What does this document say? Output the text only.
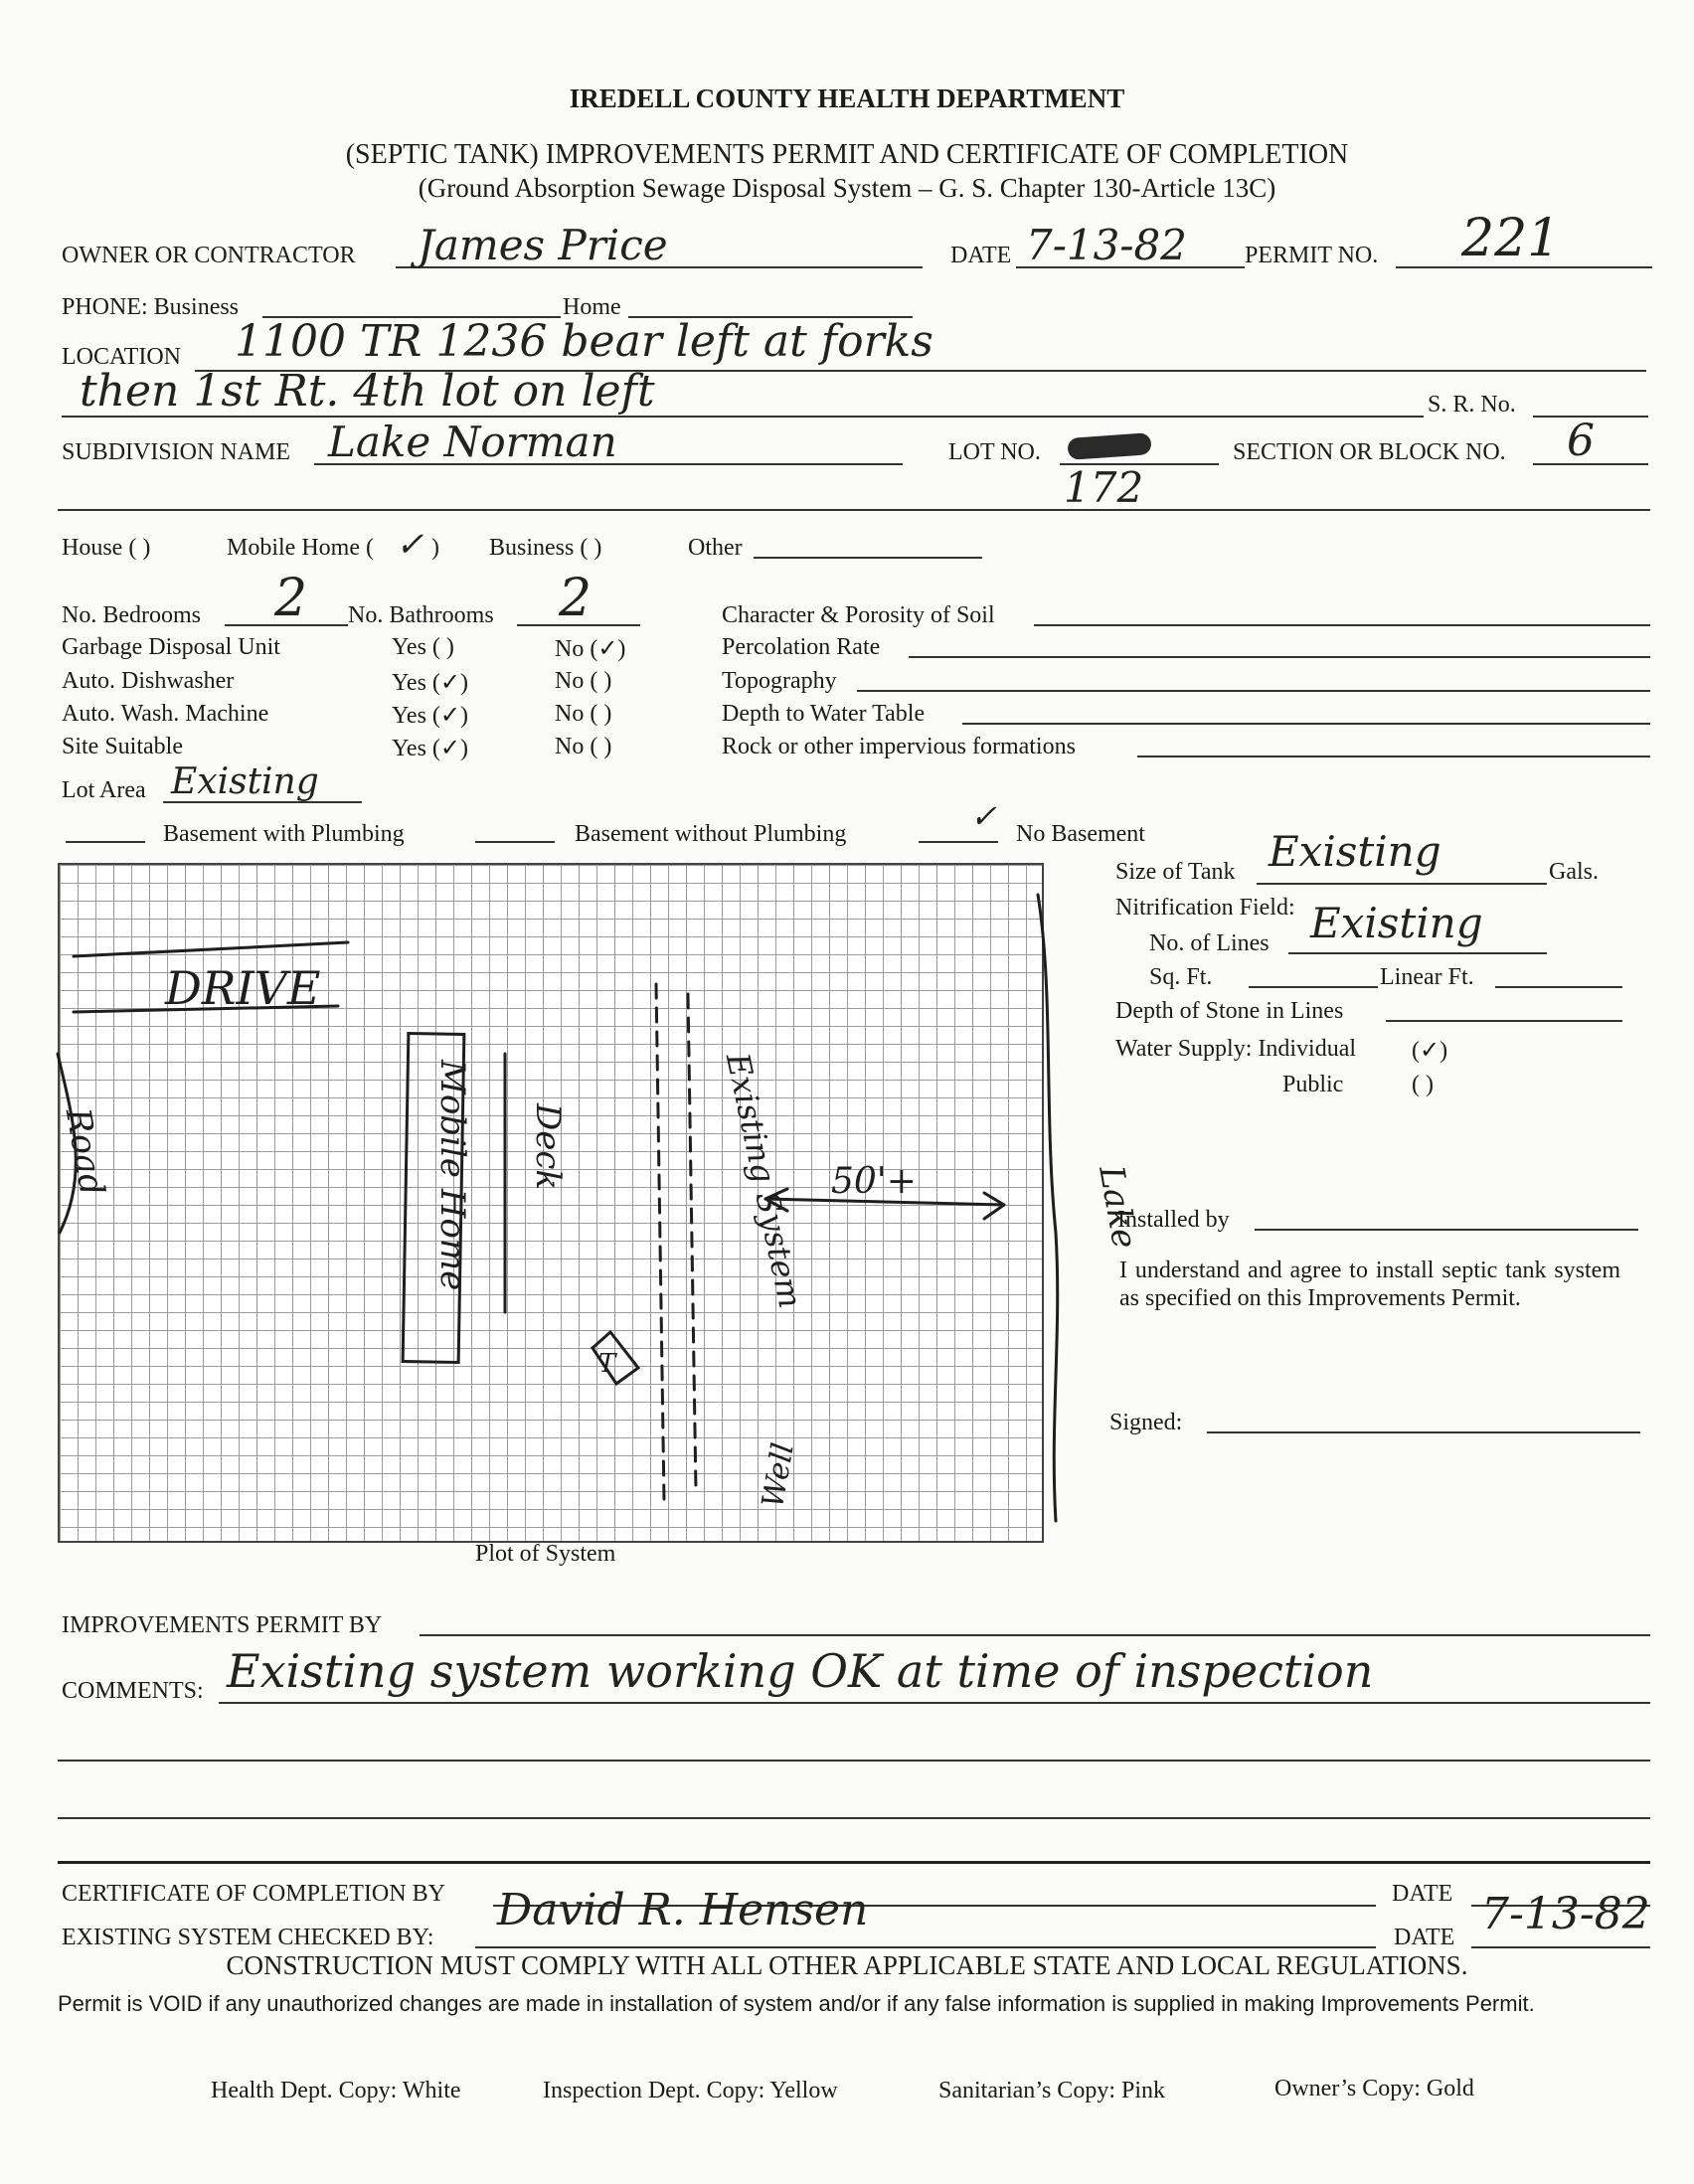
IREDELL COUNTY HEALTH DEPARTMENT
(SEPTIC TANK) IMPROVEMENTS PERMIT AND CERTIFICATE OF COMPLETION
(Ground Absorption Sewage Disposal System – G. S. Chapter 130-Article 13C)
OWNER OR CONTRACTOR James Price	DATE 7-13-82 PERMIT NO. 221
PHONE: Business	Home
LOCATION 1100 TR 1236 bear left at forks
then 1st Rt. 4th lot on left	S. R. No.
SUBDIVISION NAME Lake Norman	LOT NO.
172
SECTION OR BLOCK NO. 6
House ( )	Mobile Home ( ✓ ) Business ( )	Other
No. Bedrooms 2 No. Bathrooms 2
Garbage Disposal Unit	Yes ( )	No (✓)
Auto. Dishwasher	Yes (✓)	No ( )
Auto. Wash. Machine	Yes (✓)	No ( )
Site Suitable	Yes (✓)	No ( )
Character & Porosity of Soil
Percolation Rate
Topography
Depth to Water Table
Rock or other impervious formations
Lot Area Existing
Basement with Plumbing	Basement without Plumbing	✓ No Basement
DRIVE
Mobile Home Deck	Existing System 50'+	Lake
Well
T
Road
Plot of System
Size of Tank Existing	Gals.
Nitrification Field:
No. of Lines Existing
Sq. Ft.	Linear Ft.
Depth of Stone in Lines
Water Supply: Individual (✓)
Public	( )
Installed by
I understand and agree to install septic tank system as specified on this Improvements Permit.
Signed:
IMPROVEMENTS PERMIT BY
COMMENTS: Existing system working OK at time of inspection
CERTIFICATE OF COMPLETION BY	DATE
EXISTING SYSTEM CHECKED BY:
David R. Hensen
DATE 7-13-82
CONSTRUCTION MUST COMPLY WITH ALL OTHER APPLICABLE STATE AND LOCAL REGULATIONS.
Permit is VOID if any unauthorized changes are made in installation of system and/or if any false information is supplied in making Improvements Permit.
Health Dept. Copy: White	Inspection Dept. Copy: Yellow	Sanitarian’s Copy: Pink	Owner’s Copy: Gold
